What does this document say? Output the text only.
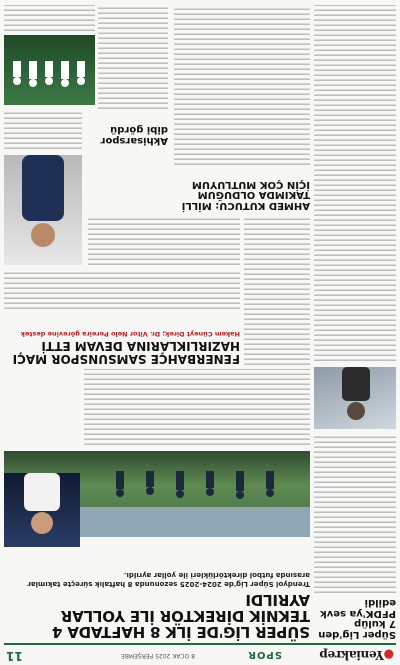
●Yeniakrep
SPOR
8 OCAK 2025 PERŞEMBE
11
Süper Lig'den 7 kulüp PFDK'ya sevk edildi
SÜPER LİG'DE İLK 8 HAFTADA 4 TEKNİK DİREKTÖR İLE YOLLAR AYRILDI
Trendyol Süper Lig'de 2024-2025 sezonunda 8 haftalık süreçte takımlar arasında futbol direktörlükleri ile yollar ayrıldı.
FENERBAHÇE SAMSUNSPOR MAÇI HAZIRLIKLARINA DEVAM ETTİ
Hakem Cüneyt Direk; Dr. Vitor Nelo Pereira görevine destek
AHMED KUTUCU: MİLLİ TAKIMDA OLDUĞUM İÇİN ÇOK MUTLUYUM
Akhisarspor dibi gördü
